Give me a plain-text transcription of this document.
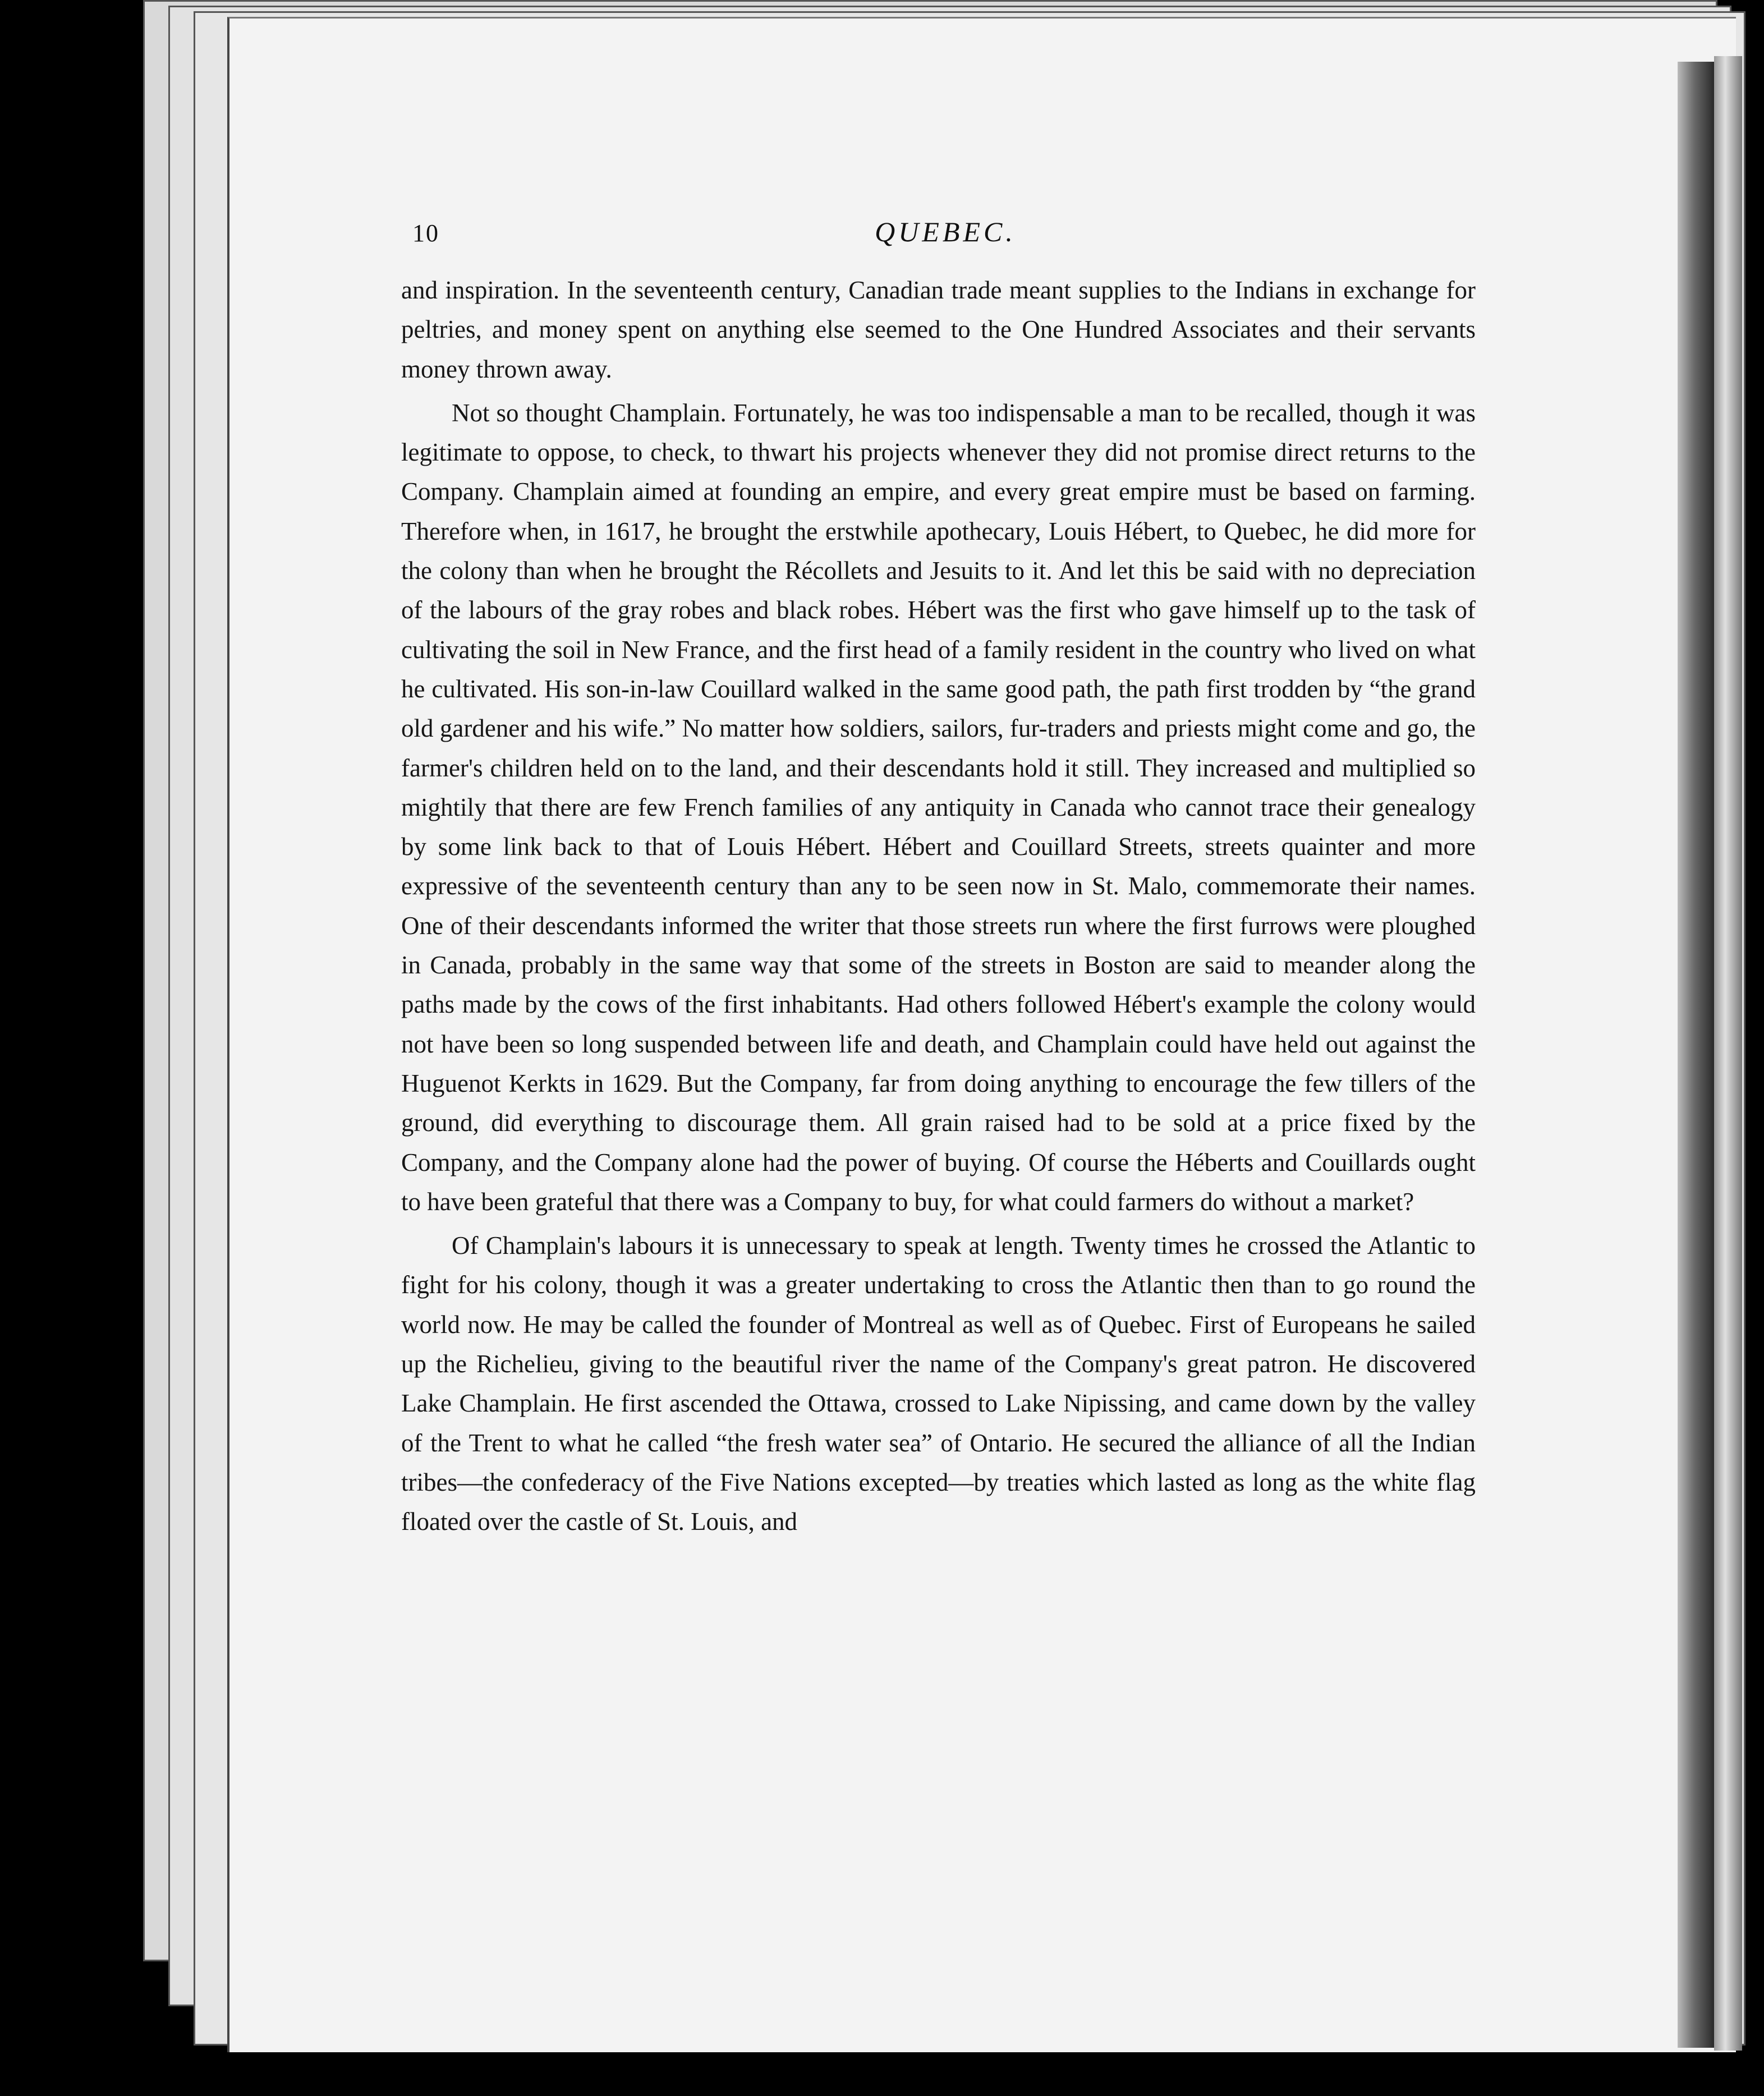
10	QUEBEC.

and inspiration. In the seventeenth century, Canadian trade meant supplies to the Indians in exchange for peltries, and money spent on anything else seemed to the One Hundred Associates and their servants money thrown away.

Not so thought Champlain. Fortunately, he was too indispensable a man to be recalled, though it was legitimate to oppose, to check, to thwart his projects whenever they did not promise direct returns to the Company. Champlain aimed at founding an empire, and every great empire must be based on farming. Therefore when, in 1617, he brought the erstwhile apothecary, Louis Hébert, to Quebec, he did more for the colony than when he brought the Récollets and Jesuits to it. And let this be said with no depreciation of the labours of the gray robes and black robes. Hébert was the first who gave himself up to the task of cultivating the soil in New France, and the first head of a family resident in the country who lived on what he cultivated. His son-in-law Couillard walked in the same good path, the path first trodden by “the grand old gardener and his wife.” No matter how soldiers, sailors, fur-traders and priests might come and go, the farmer's children held on to the land, and their descendants hold it still. They increased and multiplied so mightily that there are few French families of any antiquity in Canada who cannot trace their genealogy by some link back to that of Louis Hébert. Hébert and Couillard Streets, streets quainter and more expressive of the seventeenth century than any to be seen now in St. Malo, commemorate their names. One of their descendants informed the writer that those streets run where the first furrows were ploughed in Canada, probably in the same way that some of the streets in Boston are said to meander along the paths made by the cows of the first inhabitants. Had others followed Hébert's example the colony would not have been so long suspended between life and death, and Champlain could have held out against the Huguenot Kerkts in 1629. But the Company, far from doing anything to encourage the few tillers of the ground, did everything to discourage them. All grain raised had to be sold at a price fixed by the Company, and the Company alone had the power of buying. Of course the Héberts and Couillards ought to have been grateful that there was a Company to buy, for what could farmers do without a market?

Of Champlain's labours it is unnecessary to speak at length. Twenty times he crossed the Atlantic to fight for his colony, though it was a greater undertaking to cross the Atlantic then than to go round the world now. He may be called the founder of Montreal as well as of Quebec. First of Europeans he sailed up the Richelieu, giving to the beautiful river the name of the Company's great patron. He discovered Lake Champlain. He first ascended the Ottawa, crossed to Lake Nipissing, and came down by the valley of the Trent to what he called “the fresh water sea” of Ontario. He secured the alliance of all the Indian tribes—the confederacy of the Five Nations excepted—by treaties which lasted as long as the white flag floated over the castle of St. Louis, and
